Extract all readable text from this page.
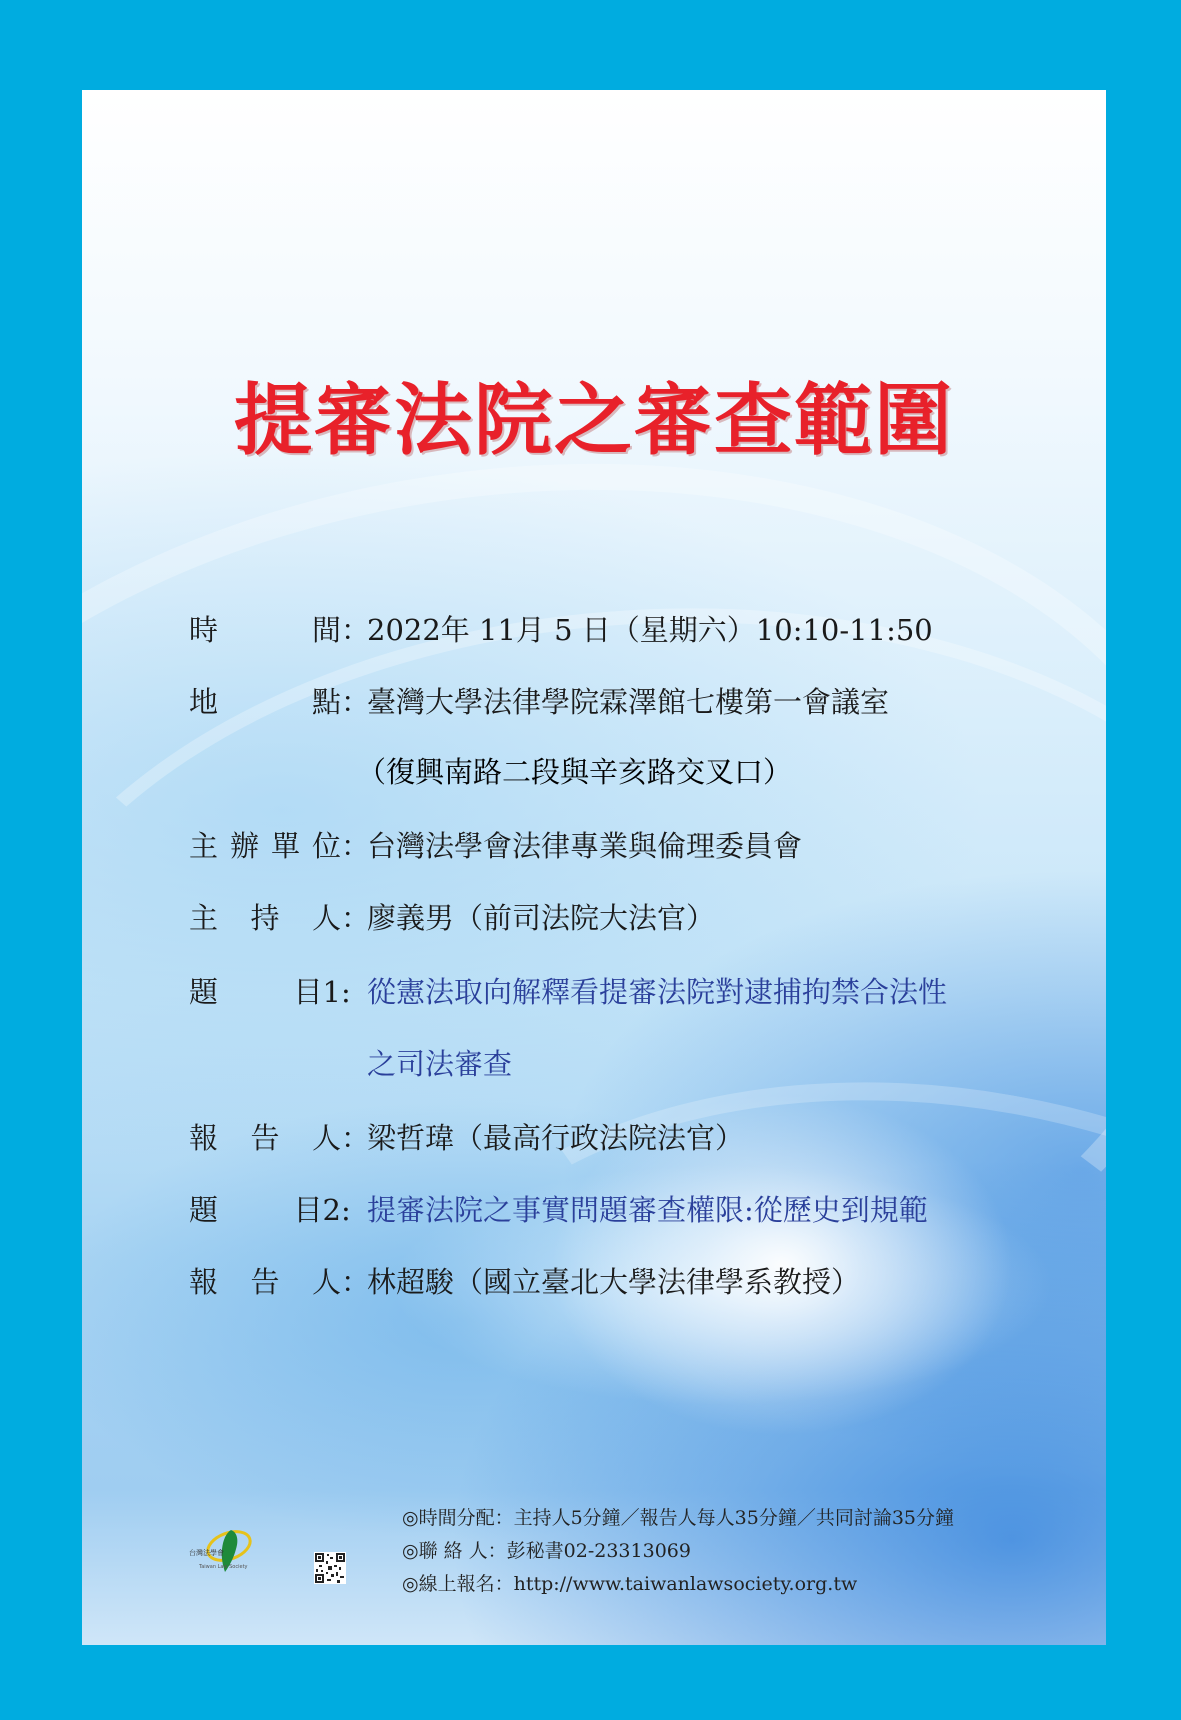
提審法院之審查範圍
時	間 ：
2022年 11月 5 日（星期六）10:10-11:50
地	點 ：
臺灣大學法律學院霖澤館七樓第一會議室
（復興南路二段與辛亥路交叉口）
主 辦 單 位 ：
台灣法學會法律專業與倫理委員會
主 持 人 ：
廖義男（前司法院大法官）
題	目1 : 從憲法取向解釋看提審法院對逮捕拘禁合法性
之司法審查
報 告 人 ：
梁哲瑋（最高行政法院法官）
題	目2 : 提審法院之事實問題審查權限:從歷史到規範
報 告 人 ：
林超駿（國立臺北大學法律學系教授）
台灣法學會
Taiwan Law Society
◎時間分配：主持人5分鐘／報告人每人35分鐘／共同討論35分鐘
◎聯 絡 人：彭秘書02-23313069
◎線上報名：http://www.taiwanlawsociety.org.tw
